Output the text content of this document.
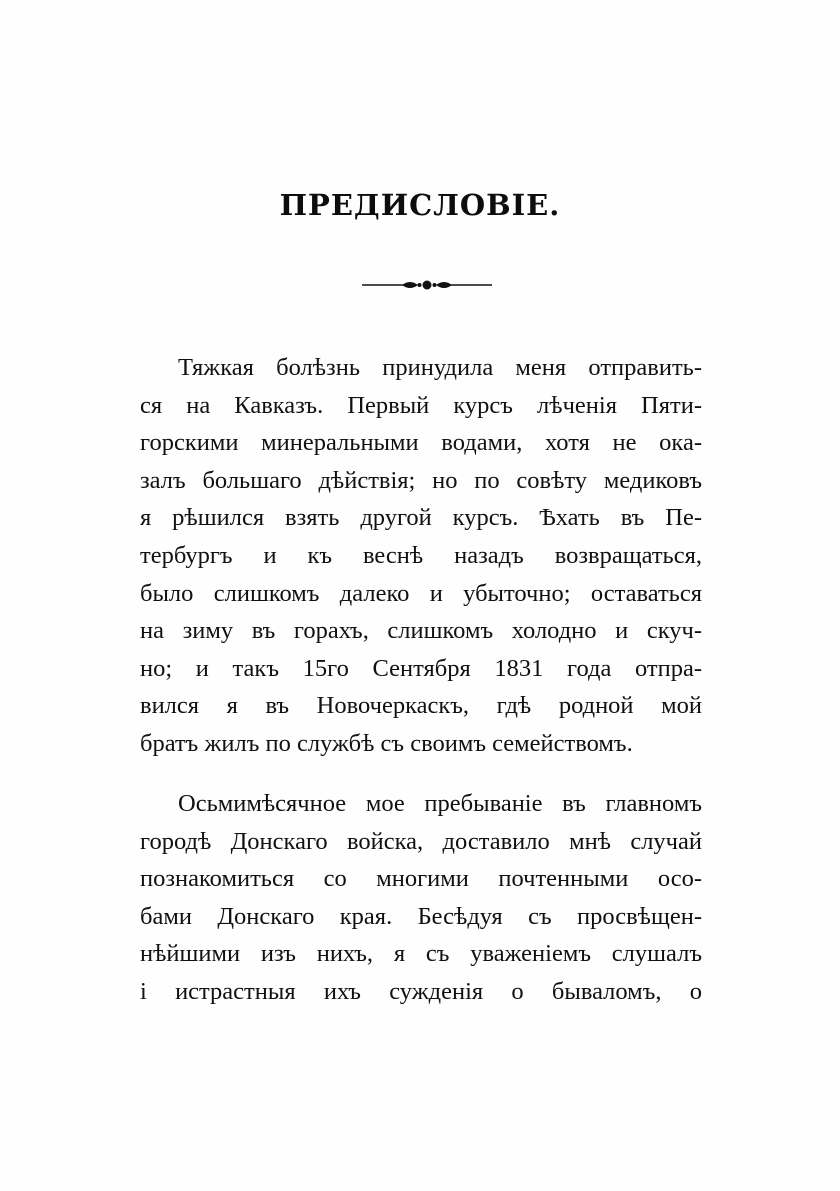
ПРЕДИСЛОВIЕ.
Тяжкая болѣзнь принудила меня отправить-
ся на Кавказъ. Первый курсъ лѣченiя Пяти-
горскими минеральными водами, хотя не ока-
залъ большаго дѣйствiя; но по совѣту медиковъ
я рѣшился взять другой курсъ. Ѣхать въ Пе-
тербургъ и къ веснѣ назадъ возвращаться,
было слишкомъ далеко и убыточно; оставаться
на зиму въ горахъ, слишкомъ холодно и скуч-
но; и такъ 15го Сентября 1831 года отпра-
вился я въ Новочеркаскъ, гдѣ родной мой
братъ жилъ по службѣ съ своимъ семействомъ.
Осьмимѣсячное мое пребыванiе въ главномъ
городѣ Донскаго войска, доставило мнѣ случай
познакомиться со многими почтенными осо-
бами Донскаго края. Бесѣдуя съ просвѣщен-
нѣйшими изъ нихъ, я съ уваженiемъ слушалъ
i истрастныя ихъ сужденiя о бываломъ, о
